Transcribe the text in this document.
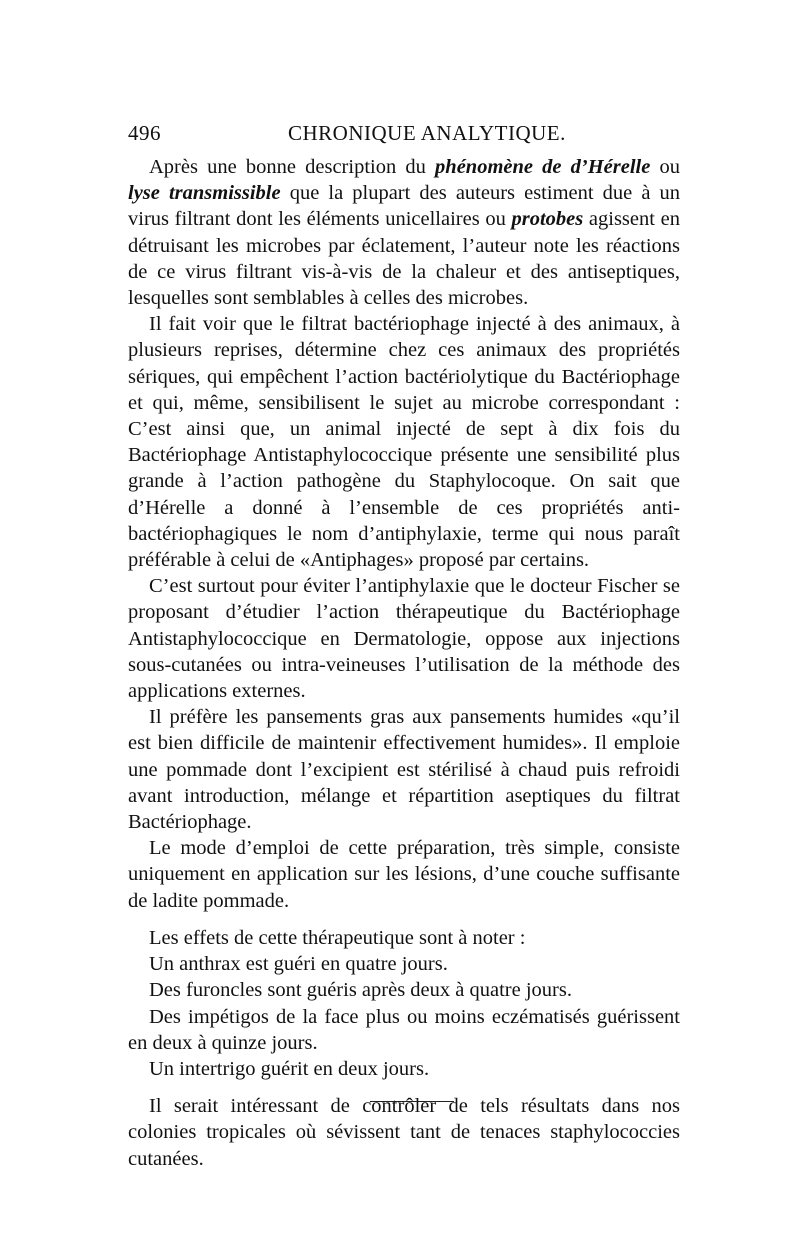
496	CHRONIQUE ANALYTIQUE.

Après une bonne description du phénomène de d’Hérelle ou lyse transmissible que la plupart des auteurs estiment due à un virus filtrant dont les éléments unicellaires ou protobes agissent en détruisant les microbes par éclatement, l’auteur note les réactions de ce virus filtrant vis-à-vis de la chaleur et des antiseptiques, lesquelles sont semblables à celles des microbes.

Il fait voir que le filtrat bactériophage injecté à des animaux, à plusieurs reprises, détermine chez ces animaux des propriétés sériques, qui empêchent l’action bactériolytique du Bactériophage et qui, même, sensibilisent le sujet au microbe correspondant : C’est ainsi que, un animal injecté de sept à dix fois du Bactériophage Antistaphylococcique présente une sensibilité plus grande à l’action pathogène du Staphylocoque. On sait que d’Hérelle a donné à l’ensemble de ces propriétés anti-bactériophagiques le nom d’antiphylaxie, terme qui nous paraît préférable à celui de «Antiphages» proposé par certains.

C’est surtout pour éviter l’antiphylaxie que le docteur Fischer se proposant d’étudier l’action thérapeutique du Bactériophage Antistaphylococcique en Dermatologie, oppose aux injections sous-cutanées ou intra-veineuses l’utilisation de la méthode des applications externes.

Il préfère les pansements gras aux pansements humides «qu’il est bien difficile de maintenir effectivement humides». Il emploie une pommade dont l’excipient est stérilisé à chaud puis refroidi avant introduction, mélange et répartition aseptiques du filtrat Bactériophage.

Le mode d’emploi de cette préparation, très simple, consiste uniquement en application sur les lésions, d’une couche suffisante de ladite pommade.

Les effets de cette thérapeutique sont à noter :

Un anthrax est guéri en quatre jours.

Des furoncles sont guéris après deux à quatre jours.

Des impétigos de la face plus ou moins eczématisés guérissent en deux à quinze jours.

Un intertrigo guérit en deux jours.

Il serait intéressant de contrôler de tels résultats dans nos colonies tropicales où sévissent tant de tenaces staphylococcies cutanées.
